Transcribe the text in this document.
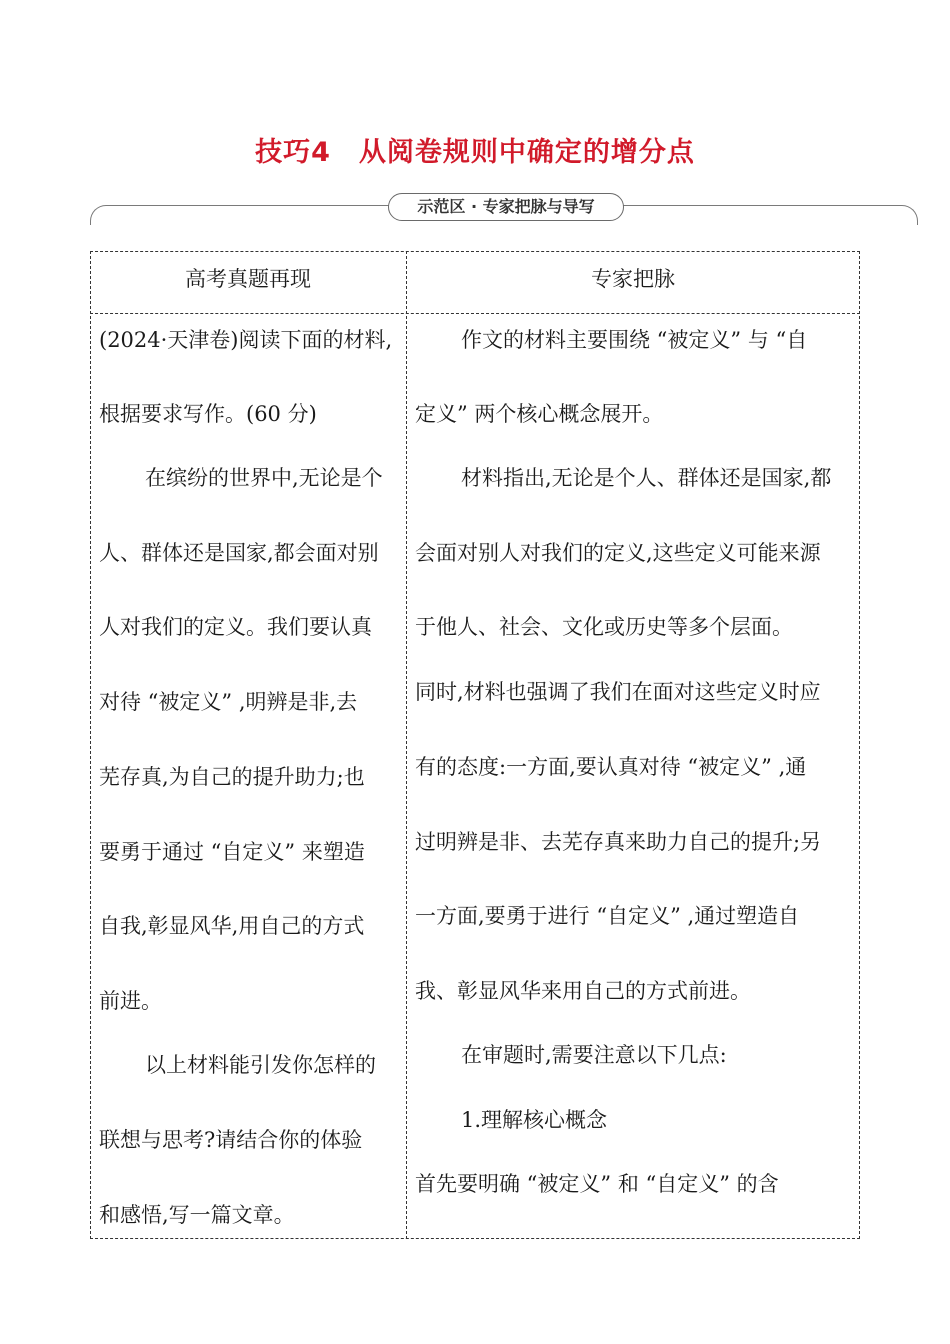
技巧4　从阅卷规则中确定的增分点
示范区 · 专家把脉与导写
高考真题再现	专家把脉
(2024·天津卷)阅读下面的材料,
根据要求写作。(60 分)
在缤纷的世界中,无论是个
人、群体还是国家,都会面对别
人对我们的定义。我们要认真
对待 “被定义” ,明辨是非,去
芜存真,为自己的提升助力;也
要勇于通过 “自定义” 来塑造
自我,彰显风华,用自己的方式
前进。
以上材料能引发你怎样的
联想与思考?请结合你的体验
和感悟,写一篇文章。
作文的材料主要围绕 “被定义” 与 “自
定义” 两个核心概念展开。
材料指出,无论是个人、群体还是国家,都
会面对别人对我们的定义,这些定义可能来源
于他人、社会、文化或历史等多个层面。
同时,材料也强调了我们在面对这些定义时应
有的态度:一方面,要认真对待 “被定义” ,通
过明辨是非、去芜存真来助力自己的提升;另
一方面,要勇于进行 “自定义” ,通过塑造自
我、彰显风华来用自己的方式前进。
在审题时,需要注意以下几点:
1.理解核心概念
首先要明确 “被定义” 和 “自定义” 的含
